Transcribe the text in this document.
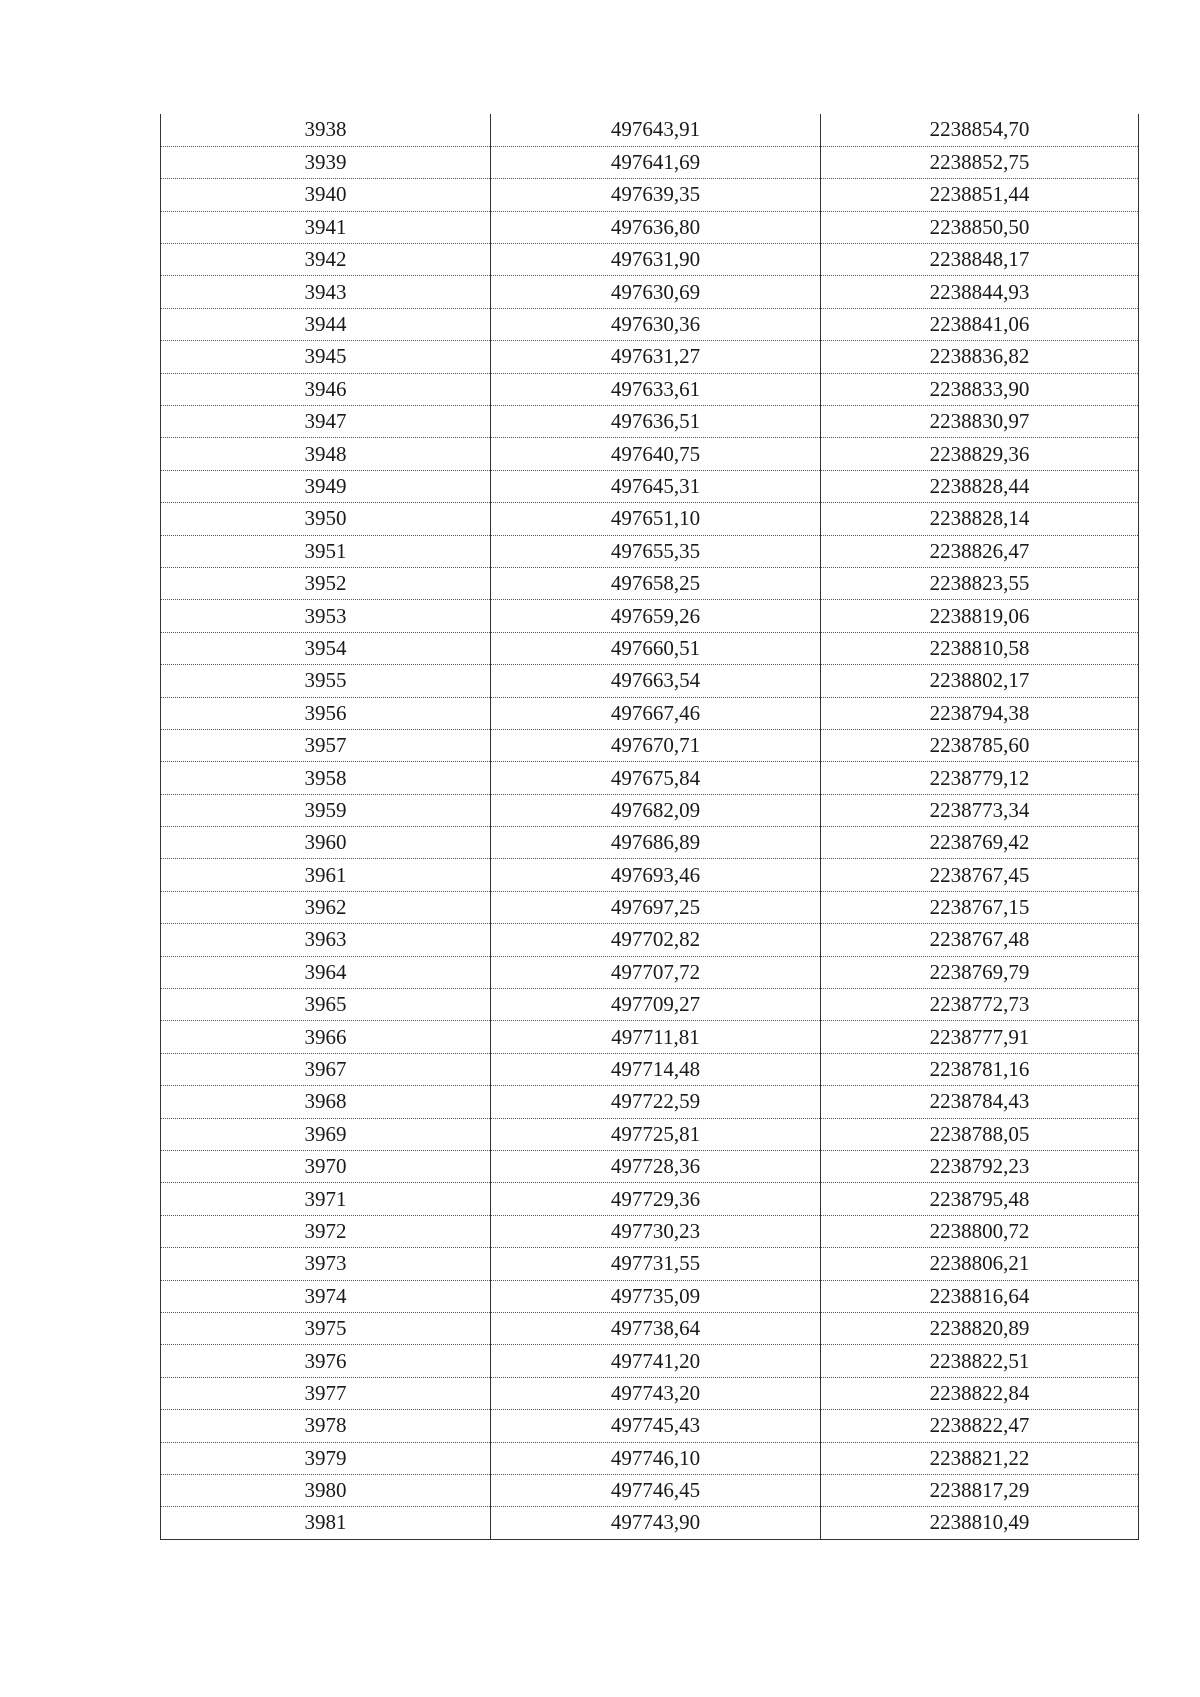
3938	497643,91	2238854,70
3939	497641,69	2238852,75
3940	497639,35	2238851,44
3941	497636,80	2238850,50
3942	497631,90	2238848,17
3943	497630,69	2238844,93
3944	497630,36	2238841,06
3945	497631,27	2238836,82
3946	497633,61	2238833,90
3947	497636,51	2238830,97
3948	497640,75	2238829,36
3949	497645,31	2238828,44
3950	497651,10	2238828,14
3951	497655,35	2238826,47
3952	497658,25	2238823,55
3953	497659,26	2238819,06
3954	497660,51	2238810,58
3955	497663,54	2238802,17
3956	497667,46	2238794,38
3957	497670,71	2238785,60
3958	497675,84	2238779,12
3959	497682,09	2238773,34
3960	497686,89	2238769,42
3961	497693,46	2238767,45
3962	497697,25	2238767,15
3963	497702,82	2238767,48
3964	497707,72	2238769,79
3965	497709,27	2238772,73
3966	497711,81	2238777,91
3967	497714,48	2238781,16
3968	497722,59	2238784,43
3969	497725,81	2238788,05
3970	497728,36	2238792,23
3971	497729,36	2238795,48
3972	497730,23	2238800,72
3973	497731,55	2238806,21
3974	497735,09	2238816,64
3975	497738,64	2238820,89
3976	497741,20	2238822,51
3977	497743,20	2238822,84
3978	497745,43	2238822,47
3979	497746,10	2238821,22
3980	497746,45	2238817,29
3981	497743,90	2238810,49
